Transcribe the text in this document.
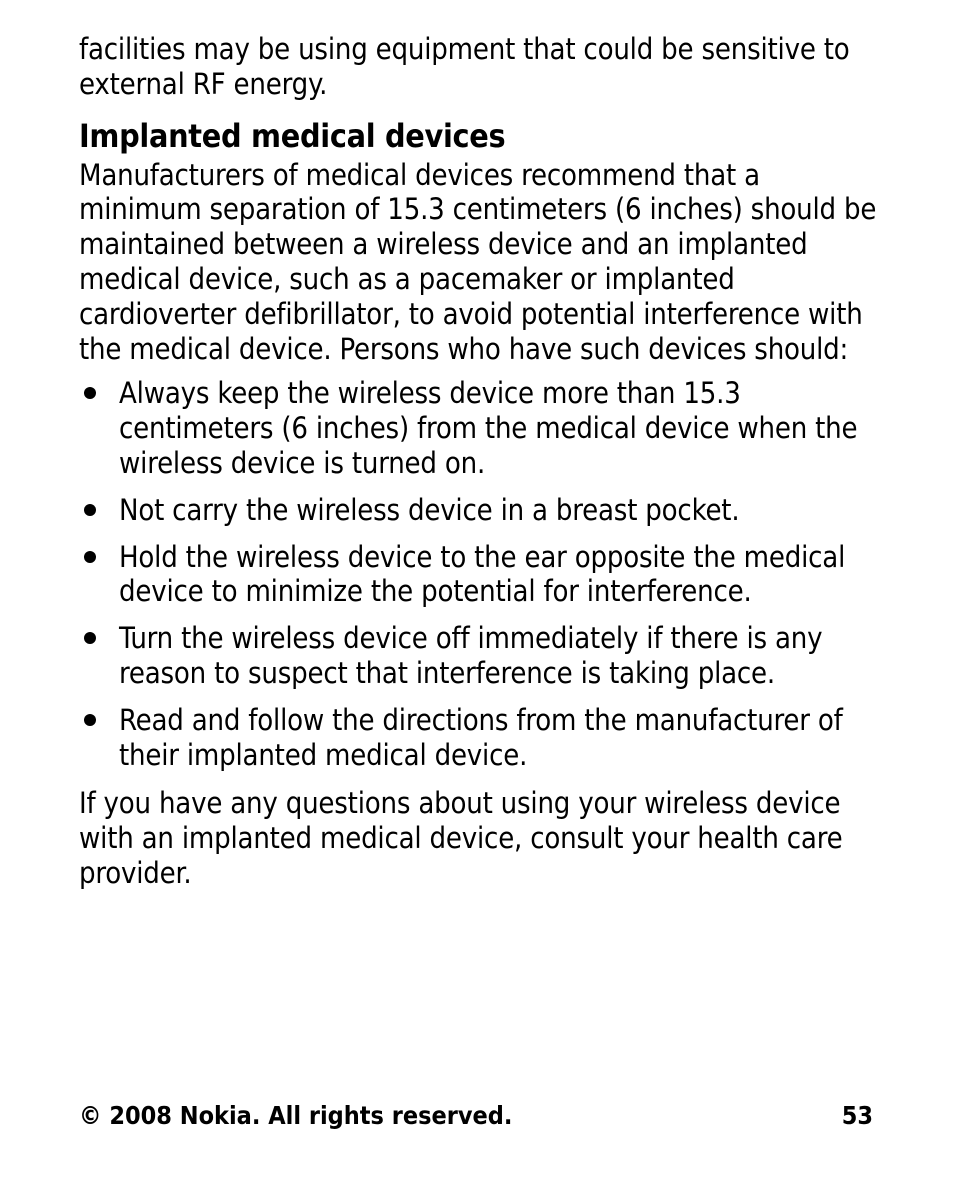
facilities may be using equipment that could be sensitive to external RF energy.

Implanted medical devices

Manufacturers of medical devices recommend that a minimum separation of 15.3 centimeters (6 inches) should be maintained between a wireless device and an implanted medical device, such as a pacemaker or implanted cardioverter defibrillator, to avoid potential interference with the medical device. Persons who have such devices should:

Always keep the wireless device more than 15.3 centimeters (6 inches) from the medical device when the wireless device is turned on.
Not carry the wireless device in a breast pocket.
Hold the wireless device to the ear opposite the medical device to minimize the potential for interference.
Turn the wireless device off immediately if there is any reason to suspect that interference is taking place.
Read and follow the directions from the manufacturer of their implanted medical device.

If you have any questions about using your wireless device with an implanted medical device, consult your health care provider.

© 2008 Nokia. All rights reserved.	53
